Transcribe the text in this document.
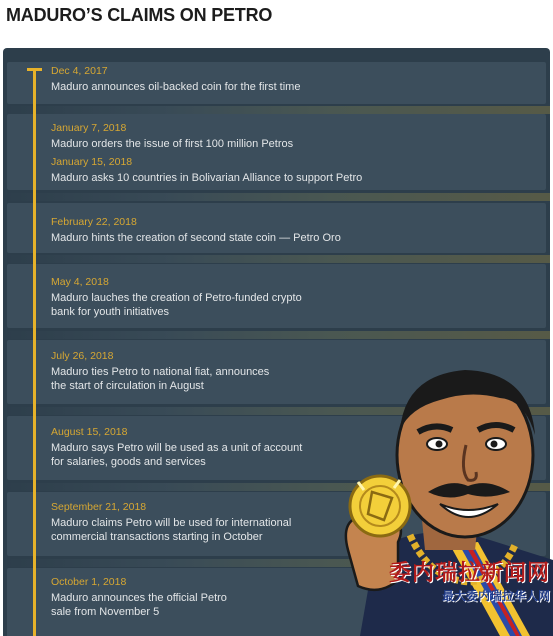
MADURO’S CLAIMS ON PETRO
Dec 4, 2017
Maduro announces oil-backed coin for the first time
January 7, 2018
Maduro orders the issue of first 100 million Petros
January 15, 2018
Maduro asks 10 countries in Bolivarian Alliance to support Petro
February 22, 2018
Maduro hints the creation of second state coin — Petro Oro
May 4, 2018
Maduro lauches the creation of Petro-funded crypto
bank for youth initiatives
July 26, 2018
Maduro ties Petro to national fiat, announces
the start of circulation in August
August 15, 2018
Maduro says Petro will be used as a unit of account
for salaries, goods and services
September 21, 2018
Maduro claims Petro will be used for international
commercial transactions starting in October
October 1, 2018
Maduro announces the official Petro
sale from November 5
委内瑞拉新闻网
最大委内瑞拉华人网
